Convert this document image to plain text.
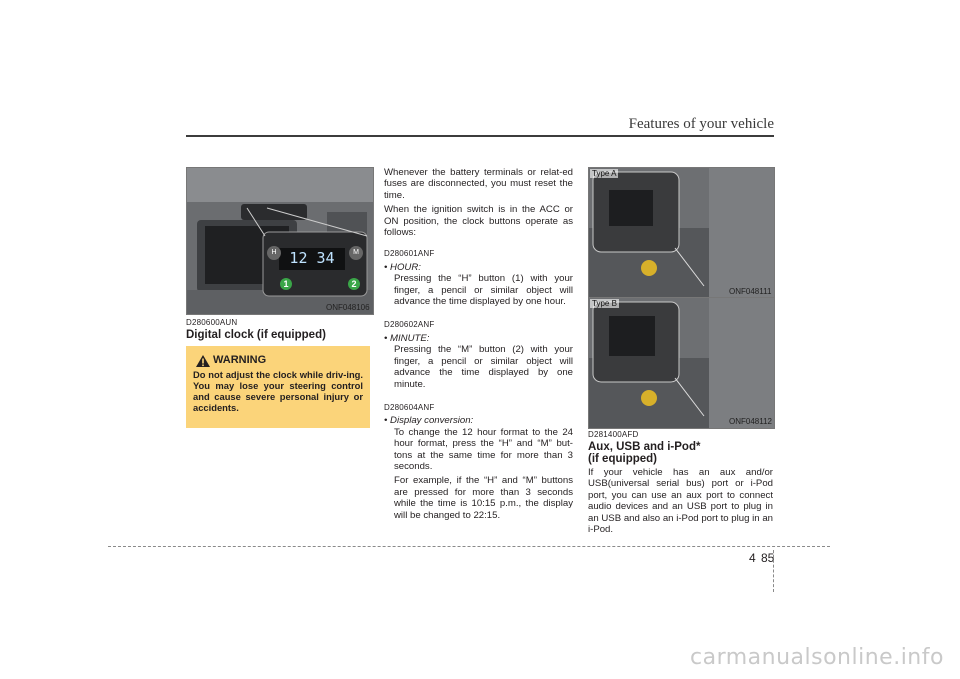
Features of your vehicle
12 34
H	M
1	2
ONF048106
D280600AUN
Digital clock (if equipped)
WARNING
Do not adjust the clock while driv-ing. You may lose your steering control and cause severe personal injury or accidents.

Whenever the battery terminals or relat-ed fuses are disconnected, you must reset the time.

When the ignition switch is in the ACC or ON position, the clock buttons operate as follows:

D280601ANF
• HOUR:

Pressing the “H” button (1) with your finger, a pencil or similar object will advance the time displayed by one hour.

D280602ANF
• MINUTE:

Pressing the “M” button (2) with your finger, a pencil or similar object will advance the time displayed by one minute.

D280604ANF
• Display conversion:

To change the 12 hour format to the 24 hour format, press the “H” and “M” but-tons at the same time for more than 3 seconds.

For example, if the “H” and “M” buttons are pressed for more than 3 seconds while the time is 10:15 p.m., the display will be changed to 22:15.

Type A
ONF048111
Type B
ONF048112
D281400AFD
Aux, USB and i-Pod*
(if equipped)
If your vehicle has an aux and/or USB(universal serial bus) port or i-Pod port, you can use an aux port to connect audio devices and an USB port to plug in an USB and also an i-Pod port to plug in an i-Pod.
4 85
carmanualsonline.info
